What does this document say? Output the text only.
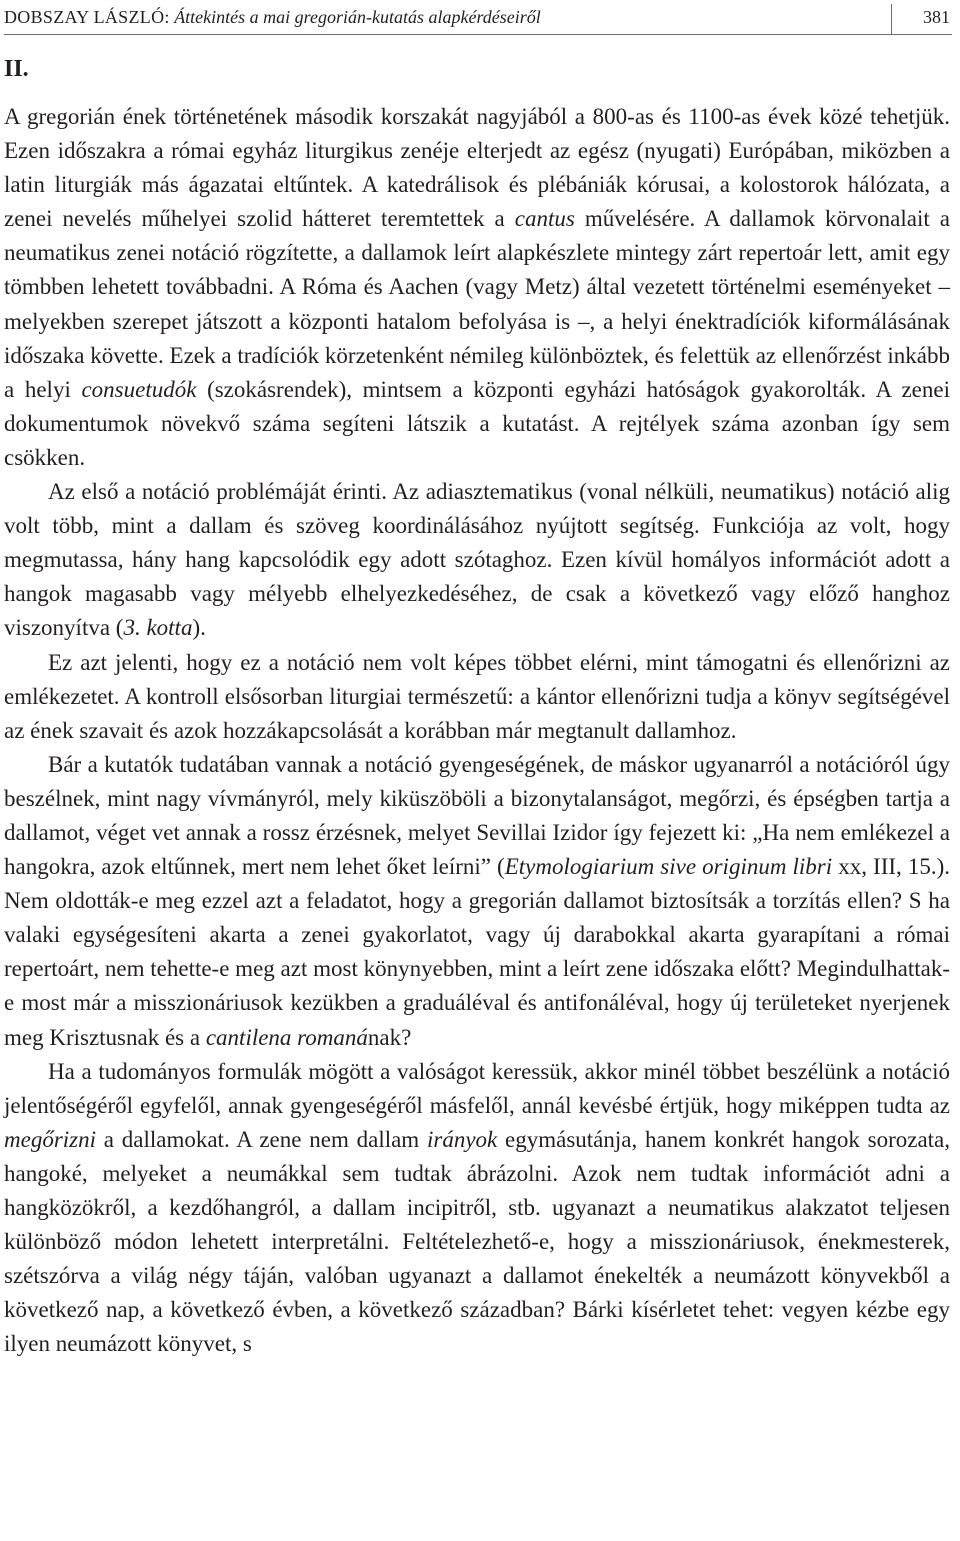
DOBSZAY LÁSZLÓ: Áttekintés a mai gregorián-kutatás alapkérdéseiről	381
II.

A gregorián ének történetének második korszakát nagyjából a 800-as és 1100-as évek közé tehetjük. Ezen időszakra a római egyház liturgikus zenéje elterjedt az egész (nyugati) Európában, miközben a latin liturgiák más ágazatai eltűntek. A katedrálisok és plébániák kórusai, a kolostorok hálózata, a zenei nevelés műhelyei szolid hátteret teremtettek a cantus művelésére. A dallamok körvonalait a neumatikus zenei notáció rögzítette, a dallamok leírt alapkészlete mintegy zárt repertoár lett, amit egy tömbben lehetett továbbadni. A Róma és Aachen (vagy Metz) által vezetett történelmi eseményeket – melyekben szerepet játszott a központi hatalom befolyása is –, a helyi énektradíciók kiformálásának időszaka követte. Ezek a tradíciók körzetenként némileg különböztek, és felettük az ellenőrzést inkább a helyi consuetudók (szokásrendek), mintsem a központi egyházi hatóságok gyakorolták. A zenei dokumentumok növekvő száma segíteni látszik a kutatást. A rejtélyek száma azonban így sem csökken.

Az első a notáció problémáját érinti. Az adiasztematikus (vonal nélküli, neumatikus) notáció alig volt több, mint a dallam és szöveg koordinálásához nyújtott segítség. Funkciója az volt, hogy megmutassa, hány hang kapcsolódik egy adott szótaghoz. Ezen kívül homályos információt adott a hangok magasabb vagy mélyebb elhelyezkedéséhez, de csak a következő vagy előző hanghoz viszonyítva (3. kotta).

Ez azt jelenti, hogy ez a notáció nem volt képes többet elérni, mint támogatni és ellenőrizni az emlékezetet. A kontroll elsősorban liturgiai természetű: a kántor ellenőrizni tudja a könyv segítségével az ének szavait és azok hozzákapcsolását a korábban már megtanult dallamhoz.

Bár a kutatók tudatában vannak a notáció gyengeségének, de máskor ugyanarról a notációról úgy beszélnek, mint nagy vívmányról, mely kiküszöböli a bizonytalanságot, megőrzi, és épségben tartja a dallamot, véget vet annak a rossz érzésnek, melyet Sevillai Izidor így fejezett ki: „Ha nem emlékezel a hangokra, azok eltűnnek, mert nem lehet őket leírni” (Etymologiarium sive originum libri xx, III, 15.). Nem oldották-e meg ezzel azt a feladatot, hogy a gregorián dallamot biztosítsák a torzítás ellen? S ha valaki egységesíteni akarta a zenei gyakorlatot, vagy új darabokkal akarta gyarapítani a római repertoárt, nem tehette-e meg azt most könynyebben, mint a leírt zene időszaka előtt? Megindulhattak-e most már a misszionáriusok kezükben a graduáléval és antifonáléval, hogy új területeket nyerjenek meg Krisztusnak és a cantilena romanának?

Ha a tudományos formulák mögött a valóságot keressük, akkor minél többet beszélünk a notáció jelentőségéről egyfelől, annak gyengeségéről másfelől, annál kevésbé értjük, hogy miképpen tudta az megőrizni a dallamokat. A zene nem dallam irányok egymásutánja, hanem konkrét hangok sorozata, hangoké, melyeket a neumákkal sem tudtak ábrázolni. Azok nem tudtak információt adni a hangközökről, a kezdőhangról, a dallam incipitről, stb. ugyanazt a neumatikus alakzatot teljesen különböző módon lehetett interpretálni. Feltételezhető-e, hogy a misszionáriusok, énekmesterek, szétszórva a világ négy táján, valóban ugyanazt a dallamot énekelték a neumázott könyvekből a következő nap, a következő évben, a következő században? Bárki kísérletet tehet: vegyen kézbe egy ilyen neumázott könyvet, s
